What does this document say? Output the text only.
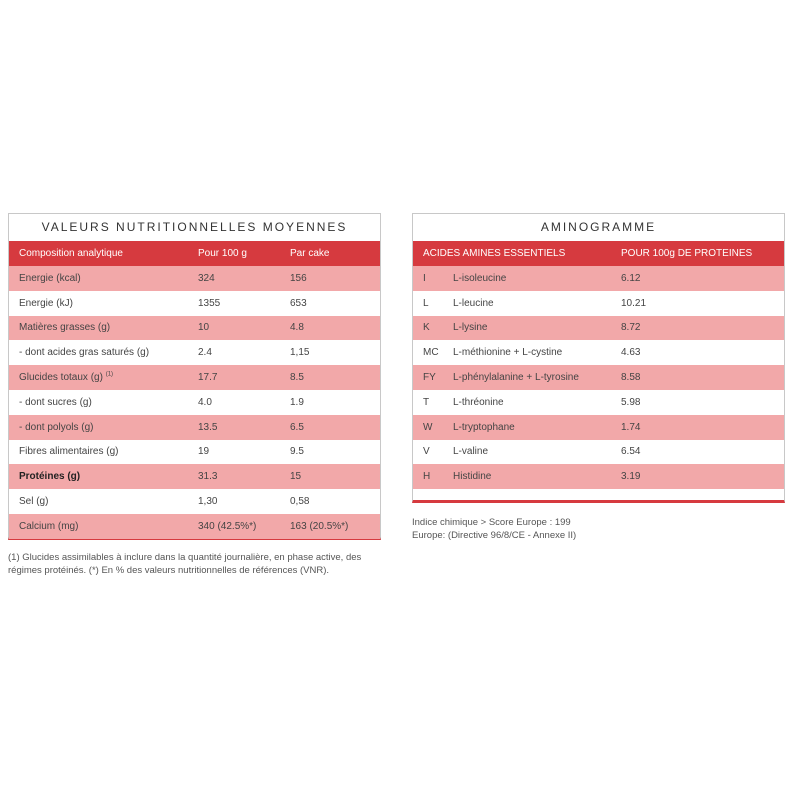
VALEURS NUTRITIONNELLES MOYENNES
Composition analytique	Pour 100 g	Par cake
Energie (kcal)	324	156
Energie (kJ)	1355	653
Matières grasses (g)	10	4.8
- dont acides gras saturés (g)	2.4	1,15
Glucides totaux (g) $^{(1)}$	17.7	8.5
- dont sucres (g)	4.0	1.9
- dont polyols (g)	13.5	6.5
Fibres alimentaires (g)	19	9.5
Protéines (g)	31.3	15
Sel (g)	1,30	0,58
Calcium (mg)	340 (42.5%*)	163 (20.5%*)
(1) Glucides assimilables à inclure dans la quantité journalière, en phase active, des régimes protéinés. (*) En % des valeurs nutritionnelles de références (VNR).
AMINOGRAMME
ACIDES AMINES ESSENTIELS	POUR 100g DE PROTEINES
I	L-isoleucine	6.12
L	L-leucine	10.21
K	L-lysine	8.72
MC	L-méthionine + L-cystine	4.63
FY	L-phénylalanine + L-tyrosine	8.58
T	L-thréonine	5.98
W	L-tryptophane	1.74
V	L-valine	6.54
H	Histidine	3.19
Indice chimique > Score Europe : 199
Europe: (Directive 96/8/CE - Annexe II)
